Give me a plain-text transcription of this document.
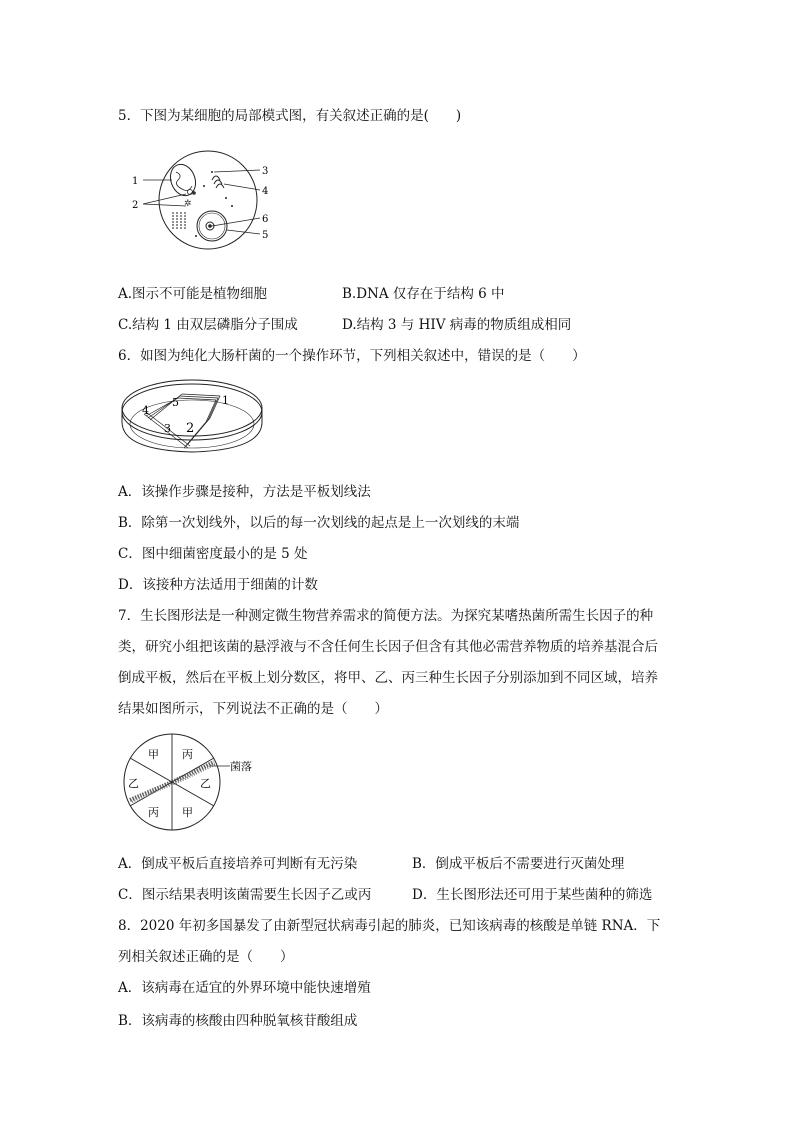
5．下图为某细胞的局部模式图，有关叙述正确的是(　　)
✲
1
2
3
4
6
5
A.图示不可能是植物细胞	B.DNA 仅存在于结构 6 中
C.结构 1 由双层磷脂分子围成	D.结构 3 与 HIV 病毒的物质组成相同
6．如图为纯化大肠杆菌的一个操作环节，下列相关叙述中，错误的是（　　）
5	1
4
3 2
A．该操作步骤是接种，方法是平板划线法
B．除第一次划线外，以后的每一次划线的起点是上一次划线的末端
C．图中细菌密度最小的是 5 处
D．该接种方法适用于细菌的计数
7．生长图形法是一种测定微生物营养需求的简便方法。为探究某嗜热菌所需生长因子的种
类，研究小组把该菌的悬浮液与不含任何生长因子但含有其他必需营养物质的培养基混合后
倒成平板，然后在平板上划分数区，将甲、乙、丙三种生长因子分别添加到不同区域，培养
结果如图所示，下列说法不正确的是（　　）
甲 丙
乙	乙
丙 甲
菌落
A．倒成平板后直接培养可判断有无污染	B．倒成平板后不需要进行灭菌处理
C．图示结果表明该菌需要生长因子乙或丙	D．生长图形法还可用于某些菌种的筛选
8．2020 年初多国暴发了由新型冠状病毒引起的肺炎，已知该病毒的核酸是单链 RNA．下
列相关叙述正确的是（　　）
A．该病毒在适宜的外界环境中能快速增殖
B．该病毒的核酸由四种脱氧核苷酸组成
